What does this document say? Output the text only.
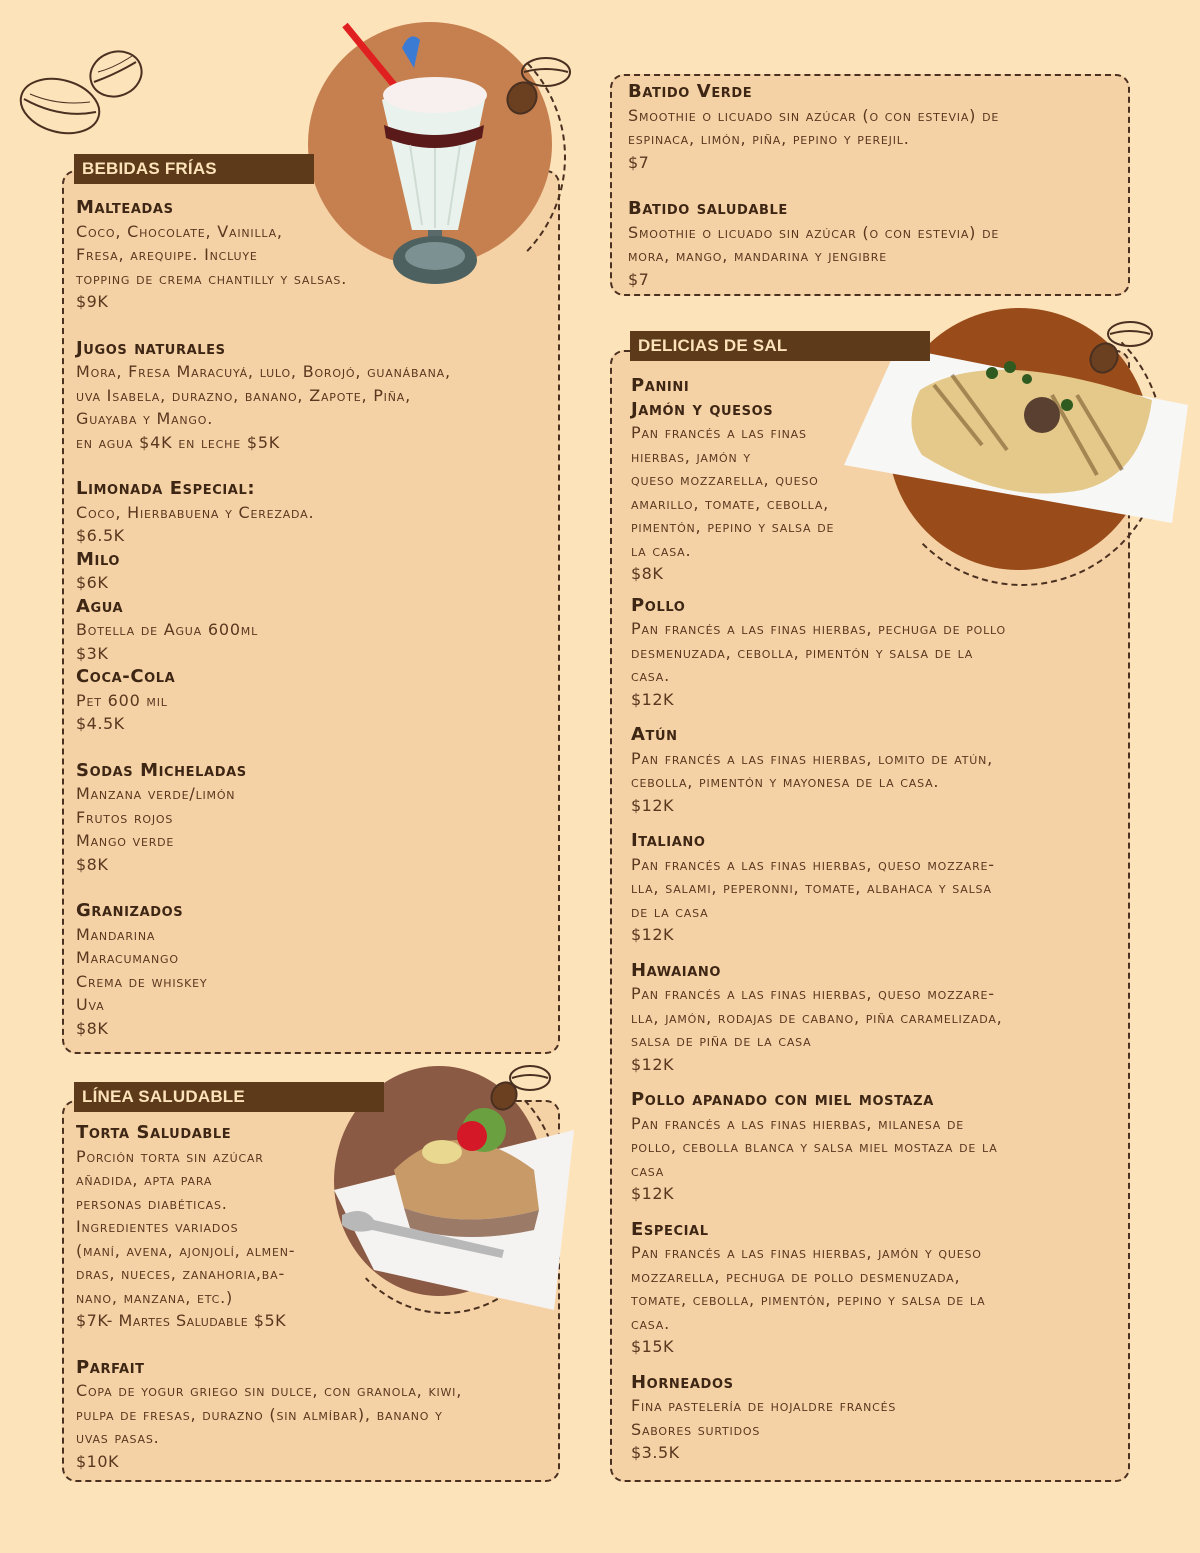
BEBIDAS FRÍAS
Malteadas
Coco, Chocolate, Vainilla,
Fresa, arequipe. Incluye
topping de crema chantilly y salsas.
$9K
Jugos naturales
Mora, Fresa Maracuyá, lulo, Borojó, guanábana,
uva Isabela, durazno, banano, Zapote, Piña,
Guayaba y Mango.
en agua $4K en leche $5K
Limonada Especial:
Coco, Hierbabuena y Cerezada.
$6.5K
Milo
$6K
Agua
Botella de Agua 600ml
$3K
Coca-Cola
Pet 600 mil
$4.5K
Sodas Micheladas
Manzana verde/limón
Frutos rojos
Mango verde
$8K
Granizados
Mandarina
Maracumango
Crema de whiskey
Uva
$8K
LÍNEA SALUDABLE
Torta Saludable
Porción torta sin azúcar
añadida, apta para
personas diabéticas.
Ingredientes variados
(maní, avena, ajonjolí, almen-
dras, nueces, zanahoria,ba-
nano, manzana, etc.)
$7K- Martes Saludable $5K
Parfait
Copa de yogur griego sin dulce, con granola, kiwi,
pulpa de fresas, durazno (sin almíbar), banano y
uvas pasas.
$10K
Batido Verde
Smoothie o licuado sin azúcar (o con estevia) de
espinaca, limón, piña, pepino y perejil.
$7
Batido saludable
Smoothie o licuado sin azúcar (o con estevia) de
mora, mango, mandarina y jengibre
$7
DELICIAS DE SAL
Panini
Jamón y quesos
Pan francés a las finas
hierbas, jamón y
queso mozzarella, queso
amarillo, tomate, cebolla,
pimentón, pepino y salsa de
la casa.
$8K
Pollo
Pan francés a las finas hierbas, pechuga de pollo
desmenuzada, cebolla, pimentón y salsa de la
casa.
$12K
Atún
Pan francés a las finas hierbas, lomito de atún,
cebolla, pimentón y mayonesa de la casa.
$12K
Italiano
Pan francés a las finas hierbas, queso mozzare-
lla, salami, peperonni, tomate, albahaca y salsa
de la casa
$12K
Hawaiano
Pan francés a las finas hierbas, queso mozzare-
lla, jamón, rodajas de cabano, piña caramelizada,
salsa de piña de la casa
$12K
Pollo apanado con miel mostaza
Pan francés a las finas hierbas, milanesa de
pollo, cebolla blanca y salsa miel mostaza de la
casa
$12K
Especial
Pan francés a las finas hierbas, jamón y queso
mozzarella, pechuga de pollo desmenuzada,
tomate, cebolla, pimentón, pepino y salsa de la
casa.
$15K
Horneados
Fina pastelería de hojaldre francés
Sabores surtidos
$3.5K
